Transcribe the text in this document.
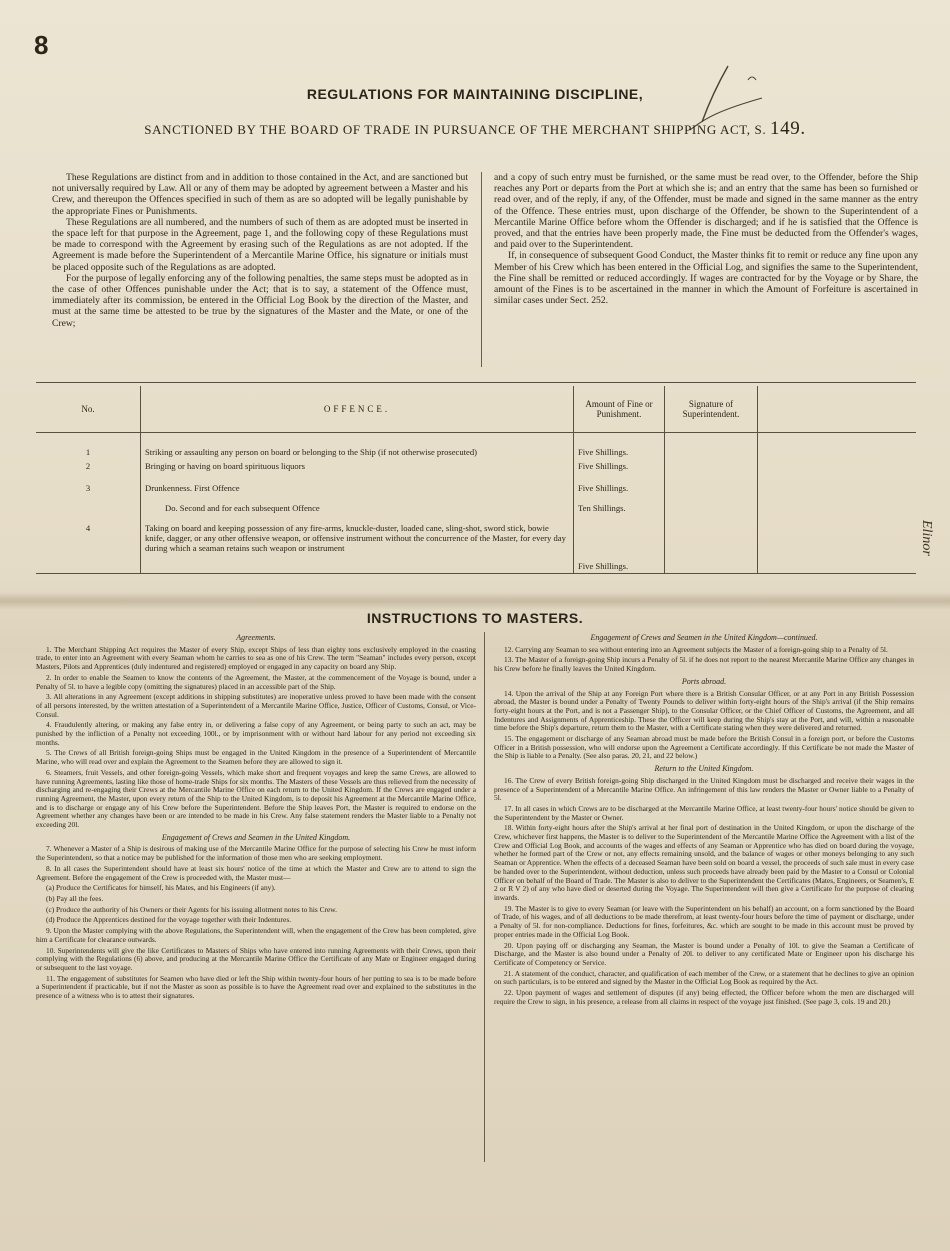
8
REGULATIONS FOR MAINTAINING DISCIPLINE,
SANCTIONED BY THE BOARD OF TRADE IN PURSUANCE OF THE MERCHANT SHIPPING ACT, S. 149.

These Regulations are distinct from and in addition to those contained in the Act, and are sanctioned but not universally required by Law. All or any of them may be adopted by agreement between a Master and his Crew, and thereupon the Offences specified in such of them as are so adopted will be legally punishable by the appropriate Fines or Punishments.

These Regulations are all numbered, and the numbers of such of them as are adopted must be inserted in the space left for that purpose in the Agreement, page 1, and the following copy of these Regulations must be made to correspond with the Agreement by erasing such of the Regulations as are not adopted. If the Agreement is made before the Superintendent of a Mercantile Marine Office, his signature or initials must be placed opposite such of the Regulations as are adopted.

For the purpose of legally enforcing any of the following penalties, the same steps must be adopted as in the case of other Offences punishable under the Act; that is to say, a statement of the Offence must, immediately after its commission, be entered in the Official Log Book by the direction of the Master, and must at the same time be attested to be true by the signatures of the Master and the Mate, or one of the Crew;

and a copy of such entry must be furnished, or the same must be read over, to the Offender, before the Ship reaches any Port or departs from the Port at which she is; and an entry that the same has been so furnished or read over, and of the reply, if any, of the Offender, must be made and signed in the same manner as the entry of the Offence. These entries must, upon discharge of the Offender, be shown to the Superintendent of a Mercantile Marine Office before whom the Offender is discharged; and if he is satisfied that the Offence is proved, and that the entries have been properly made, the Fine must be deducted from the Offender's wages, and paid over to the Superintendent.

If, in consequence of subsequent Good Conduct, the Master thinks fit to remit or reduce any fine upon any Member of his Crew which has been entered in the Official Log, and signifies the same to the Superintendent, the Fine shall be remitted or reduced accordingly. If wages are contracted for by the Voyage or by Share, the amount of the Fines is to be ascertained in the manner in which the Amount of Forfeiture is ascertained in similar cases under Sect. 252.

No.	OFFENCE.	Amount of Fine or Punishment.	Signature of Superintendent.	
1	Striking or assaulting any person on board or belonging to the Ship (if not otherwise prosecuted)	Five Shillings.		
2	Bringing or having on board spirituous liquors	Five Shillings.		
3	Drunkenness. First Offence	Five Shillings.		
	Do. Second and for each subsequent Offence	Ten Shillings.		
4	Taking on board and keeping possession of any fire-arms, knuckle-duster, loaded cane, sling-shot, sword stick, bowie knife, dagger, or any other offensive weapon, or offensive instrument without the concurrence of the Master, for every day during which a seaman retains such weapon or instrument	Five Shillings.		
INSTRUCTIONS TO MASTERS.
Agreements.

1. The Merchant Shipping Act requires the Master of every Ship, except Ships of less than eighty tons exclusively employed in the coasting trade, to enter into an Agreement with every Seaman whom he carries to sea as one of his Crew. The term "Seaman" includes every person, except Masters, Pilots and Apprentices (duly indentured and registered) employed or engaged in any capacity on board any Ship.

2. In order to enable the Seamen to know the contents of the Agreement, the Master, at the commencement of the Voyage is bound, under a Penalty of 5l. to have a legible copy (omitting the signatures) placed in an accessible part of the Ship.

3. All alterations in any Agreement (except additions in shipping substitutes) are inoperative unless proved to have been made with the consent of all persons interested, by the written attestation of a Superintendent of a Mercantile Marine Office, Justice, Officer of Customs, Consul, or Vice-Consul.

4. Fraudulently altering, or making any false entry in, or delivering a false copy of any Agreement, or being party to such an act, may be punished by the infliction of a Penalty not exceeding 100l., or by imprisonment with or without hard labour for any period not exceeding six months.

5. The Crews of all British foreign-going Ships must be engaged in the United Kingdom in the presence of a Superintendent of Mercantile Marine, who will read over and explain the Agreement to the Seamen before they are allowed to sign it.

6. Steamers, fruit Vessels, and other foreign-going Vessels, which make short and frequent voyages and keep the same Crews, are allowed to have running Agreements, lasting like those of home-trade Ships for six months. The Masters of these Vessels are thus relieved from the necessity of discharging and re-engaging their Crews at the Mercantile Marine Office on each return to the United Kingdom. If the Crews are engaged under a running Agreement, the Master, upon every return of the Ship to the United Kingdom, is to deposit his Agreement at the Mercantile Marine Office, and is to discharge or engage any of his Crew before the Superintendent. Before the Ship leaves Port, the Master is required to endorse on the Agreement whether any changes have been or are intended to be made in his Crew. Any false statement renders the Master liable to a Penalty not exceeding 20l.

Engagement of Crews and Seamen in the United Kingdom.

7. Whenever a Master of a Ship is desirous of making use of the Mercantile Marine Office for the purpose of selecting his Crew he must inform the Superintendent, so that a notice may be published for the information of those men who are seeking employment.

8. In all cases the Superintendent should have at least six hours' notice of the time at which the Master and Crew are to attend to sign the Agreement. Before the engagement of the Crew is proceeded with, the Master must—

(a) Produce the Certificates for himself, his Mates, and his Engineers (if any).

(b) Pay all the fees.

(c) Produce the authority of his Owners or their Agents for his issuing allotment notes to his Crew.

(d) Produce the Apprentices destined for the voyage together with their Indentures.

9. Upon the Master complying with the above Regulations, the Superintendent will, when the engagement of the Crew has been completed, give him a Certificate for clearance outwards.

10. Superintendents will give the like Certificates to Masters of Ships who have entered into running Agreements with their Crews, upon their complying with the Regulations (6) above, and producing at the Mercantile Marine Office the Certificate of any Mate or Engineer engaged during or subsequent to the last voyage.

11. The engagement of substitutes for Seamen who have died or left the Ship within twenty-four hours of her putting to sea is to be made before a Superintendent if practicable, but if not the Master as soon as possible is to have the Agreement read over and explained to the substitutes in the presence of a witness who is to attest their signatures.

Engagement of Crews and Seamen in the United Kingdom—continued.

12. Carrying any Seaman to sea without entering into an Agreement subjects the Master of a foreign-going ship to a Penalty of 5l.

13. The Master of a foreign-going Ship incurs a Penalty of 5l. if he does not report to the nearest Mercantile Marine Office any changes in his Crew before he finally leaves the United Kingdom.

Ports abroad.

14. Upon the arrival of the Ship at any Foreign Port where there is a British Consular Officer, or at any Port in any British Possession abroad, the Master is bound under a Penalty of Twenty Pounds to deliver within forty-eight hours of the Ship's arrival (if the Ship remains forty-eight hours at the Port, and is not a Passenger Ship), to the Consular Officer, or the Chief Officer of Customs, the Agreement, and all Indentures and Assignments of Apprenticeship. These the Officer will keep during the Ship's stay at the Port, and will, within a reasonable time before the Ship's departure, return them to the Master, with a Certificate stating when they were delivered and returned.

15. The engagement or discharge of any Seaman abroad must be made before the British Consul in a foreign port, or before the Customs Officer in a British possession, who will endorse upon the Agreement a Certificate accordingly. If this Certificate be not made the Master of the Ship is liable to a Penalty. (See also paras. 20, 21, and 22 below.)

Return to the United Kingdom.

16. The Crew of every British foreign-going Ship discharged in the United Kingdom must be discharged and receive their wages in the presence of a Superintendent of a Mercantile Marine Office. An infringement of this law renders the Master or Owner liable to a Penalty of 5l.

17. In all cases in which Crews are to be discharged at the Mercantile Marine Office, at least twenty-four hours' notice should be given to the Superintendent by the Master or Owner.

18. Within forty-eight hours after the Ship's arrival at her final port of destination in the United Kingdom, or upon the discharge of the Crew, whichever first happens, the Master is to deliver to the Superintendent of the Mercantile Marine Office the Agreement with a list of the Crew and Official Log Book, and accounts of the wages and effects of any Seaman or Apprentice who has died on board during the voyage, whether he formed part of the Crew or not, any effects remaining unsold, and the balance of wages or other moneys belonging to any such Seaman or Apprentice. When the effects of a deceased Seaman have been sold on board a vessel, the proceeds of such sale must in every case be handed over to the Superintendent, without deduction, unless such proceeds have already been paid by the Master to a Consul or Colonial Officer on behalf of the Board of Trade. The Master is also to deliver to the Superintendent the Certificates (Mates, Engineers, or Seamen's, E 2 or R V 2) of any who have died or deserted during the Voyage. The Superintendent will then give a Certificate for the purpose of clearing inwards.

19. The Master is to give to every Seaman (or leave with the Superintendent on his behalf) an account, on a form sanctioned by the Board of Trade, of his wages, and of all deductions to be made therefrom, at least twenty-four hours before the time of payment or discharge, under a Penalty of 5l. for non-compliance. Deductions for fines, forfeitures, &c. which are sought to be made in this account must be proved by proper entries made in the Official Log Book.

20. Upon paying off or discharging any Seaman, the Master is bound under a Penalty of 10l. to give the Seaman a Certificate of Discharge, and the Master is also bound under a Penalty of 20l. to deliver to any certificated Mate or Engineer upon his discharge his Certificate of Competency or Service.

21. A statement of the conduct, character, and qualification of each member of the Crew, or a statement that he declines to give an opinion on such particulars, is to be entered and signed by the Master in the Official Log Book as required by the Act.

22. Upon payment of wages and settlement of disputes (if any) being effected, the Officer before whom the men are discharged will require the Crew to sign, in his presence, a release from all claims in respect of the voyage just finished. (See page 3, cols. 19 and 20.)

Elinor
